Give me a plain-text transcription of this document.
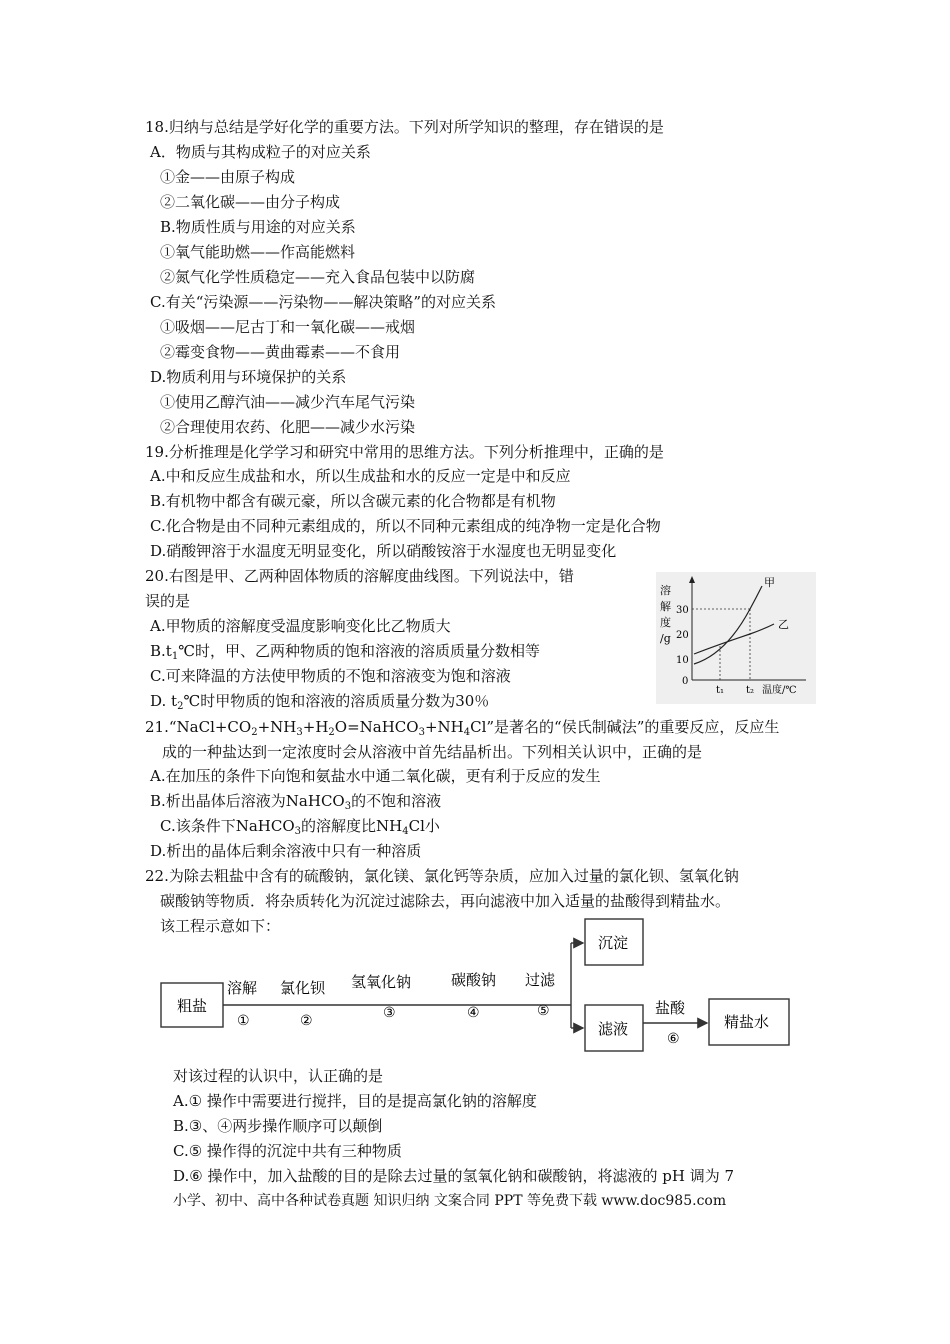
18.归纳与总结是学好化学的重要方法。下列对所学知识的整理，存在错误的是
A．物质与其构成粒子的对应关系
①金——由原子构成
②二氧化碳——由分子构成
B.物质性质与用途的对应关系
①氧气能助燃——作高能燃料
②氮气化学性质稳定——充入食品包装中以防腐
C.有关“污染源——污染物——解决策略”的对应关系
①吸烟——尼古丁和一氧化碳——戒烟
②霉变食物——黄曲霉素——不食用
D.物质利用与环境保护的关系
①使用乙醇汽油——减少汽车尾气污染
②合理使用农药、化肥——减少水污染
19.分析推理是化学学习和研究中常用的思维方法。下列分析推理中，正确的是
A.中和反应生成盐和水，所以生成盐和水的反应一定是中和反应
B.有机物中都含有碳元豪，所以含碳元素的化合物都是有机物
C.化合物是由不同种元素组成的，所以不同种元素组成的纯净物一定是化合物
D.硝酸钾溶于水温度无明显变化，所以硝酸铵溶于水湿度也无明显变化
20.右图是甲、乙两种固体物质的溶解度曲线图。下列说法中，错
误的是
A.甲物质的溶解度受温度影响变化比乙物质大
$B.t_1℃$时，甲、乙两种物质的饱和溶液的溶质质量分数相等
C.可来降温的方法使甲物质的不饱和溶液变为饱和溶液
D. $t_2℃$时甲物质的饱和溶液的溶质质量分数为30％
溶
解
度
/g
30
20
10
0
甲
乙
t₁ t₂ 温度/℃
$21.“NaCl+CO_2+NH_3+H_2O=NaHCO_3+NH_4Cl$”是著名的“侯氏制碱法”的重要反应，反应生
成的一种盐达到一定浓度时会从溶液中首先结晶析出。下列相关认识中，正确的是
A.在加压的条件下向饱和氨盐水中通二氧化碳，更有利于反应的发生
B.析出晶体后溶液为NaHCO$_3$的不饱和溶液
C.该条件下NaHCO$_3$的溶解度比$NH_4Cl$小
D.析出的晶体后剩余溶液中只有一种溶质
22.为除去粗盐中含有的硫酸钠，氯化镁、氯化钙等杂质，应加入过量的氯化钡、氢氧化钠
碳酸钠等物质．将杂质转化为沉淀过滤除去，再向滤液中加入适量的盐酸得到精盐水。
该工程示意如下：
粗盐
溶解
①
氯化钡
②
氢氧化钠
③
碳酸钠
④
过滤
⑤
沉淀
滤液
盐酸
⑥
精盐水
对该过程的认识中，认正确的是
A.① 操作中需要进行搅拌，目的是提高氯化钠的溶解度
B.③、④两步操作顺序可以颠倒
C.⑤ 操作得的沉淀中共有三种物质
D.⑥ 操作中，加入盐酸的目的是除去过量的氢氧化钠和碳酸钠，将滤液的 pH 调为 7
小学、初中、高中各种试卷真题 知识归纳 文案合同 PPT 等免费下载 www.doc985.com
